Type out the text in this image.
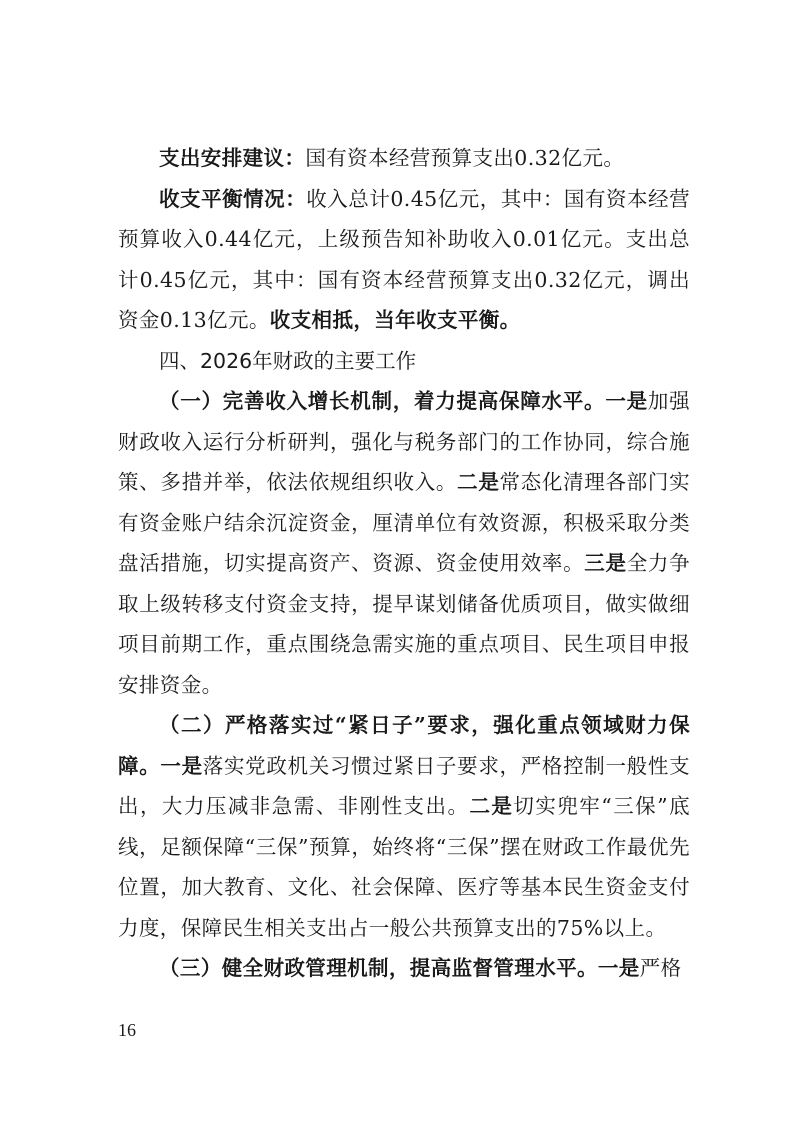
支出安排建议：国有资本经营预算支出0.32亿元。

收支平衡情况：收入总计0.45亿元，其中：国有资本经营预算收入0.44亿元，上级预告知补助收入0.01亿元。支出总计0.45亿元，其中：国有资本经营预算支出0.32亿元，调出资金0.13亿元。收支相抵，当年收支平衡。

四、2026年财政的主要工作

（一）完善收入增长机制，着力提高保障水平。一是加强财政收入运行分析研判，强化与税务部门的工作协同，综合施策、多措并举，依法依规组织收入。二是常态化清理各部门实有资金账户结余沉淀资金，厘清单位有效资源，积极采取分类盘活措施，切实提高资产、资源、资金使用效率。三是全力争取上级转移支付资金支持，提早谋划储备优质项目，做实做细项目前期工作，重点围绕急需实施的重点项目、民生项目申报安排资金。

（二）严格落实过“紧日子”要求，强化重点领域财力保障。一是落实党政机关习惯过紧日子要求，严格控制一般性支出，大力压减非急需、非刚性支出。二是切实兜牢“三保”底线，足额保障“三保”预算，始终将“三保”摆在财政工作最优先位置，加大教育、文化、社会保障、医疗等基本民生资金支付力度，保障民生相关支出占一般公共预算支出的75%以上。

（三）健全财政管理机制，提高监督管理水平。一是严格

16
